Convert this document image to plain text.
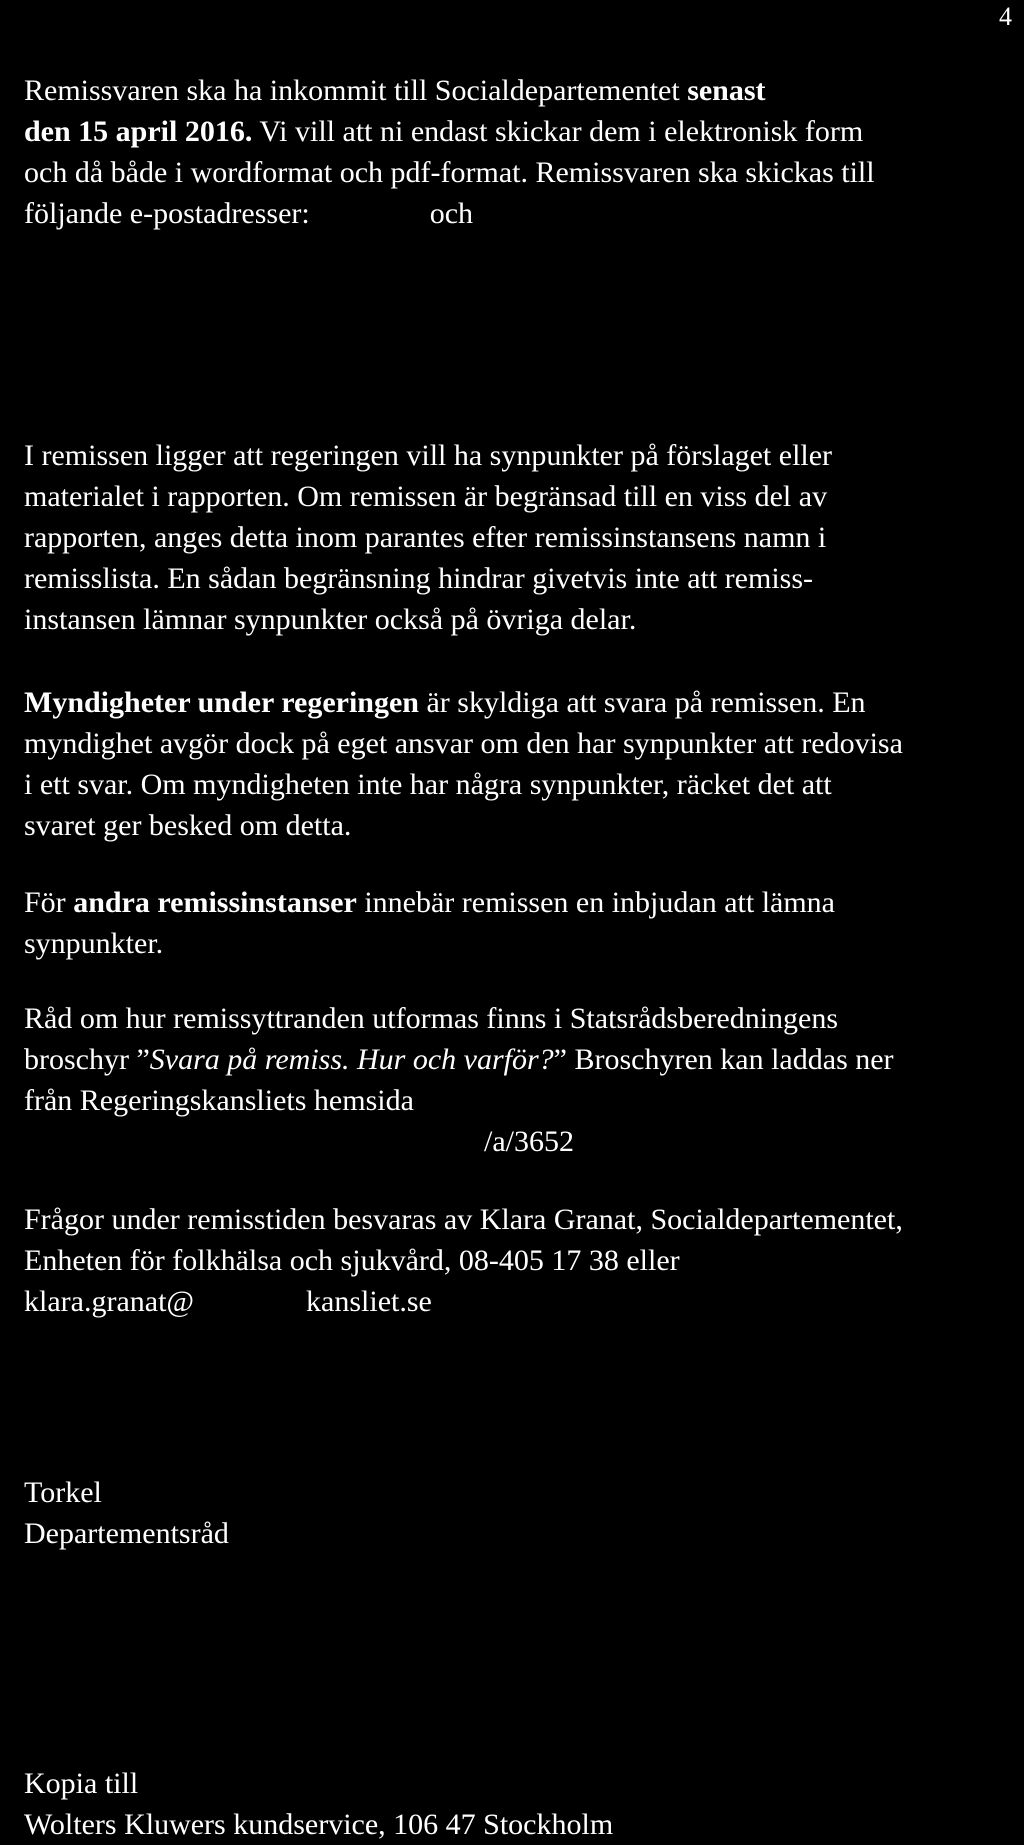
4

Remissvaren ska ha inkommit till Socialdepartementet senast
den 15 april 2016. Vi vill att ni endast skickar dem i elektronisk form
och då både i wordformat och pdf-format. Remissvaren ska skickas till
följande e-postadresser:	och

I remissen ligger att regeringen vill ha synpunkter på förslaget eller
materialet i rapporten. Om remissen är begränsad till en viss del av
rapporten, anges detta inom parantes efter remissinstansens namn i
remisslista. En sådan begränsning hindrar givetvis inte att remiss-
instansen lämnar synpunkter också på övriga delar.

Myndigheter under regeringen är skyldiga att svara på remissen. En
myndighet avgör dock på eget ansvar om den har synpunkter att redovisa
i ett svar. Om myndigheten inte har några synpunkter, räcket det att
svaret ger besked om detta.

För andra remissinstanser innebär remissen en inbjudan att lämna
synpunkter.

Råd om hur remissyttranden utformas finns i Statsrådsberedningens
broschyr ”Svara på remiss. Hur och varför?” Broschyren kan laddas ner
från Regeringskansliets hemsida
/a/3652

Frågor under remisstiden besvaras av Klara Granat, Socialdepartementet,
Enheten för folkhälsa och sjukvård, 08-405 17 38 eller
klara.granat@	kansliet.se

Torkel
Departementsråd

Kopia till
Wolters Kluwers kundservice, 106 47 Stockholm
